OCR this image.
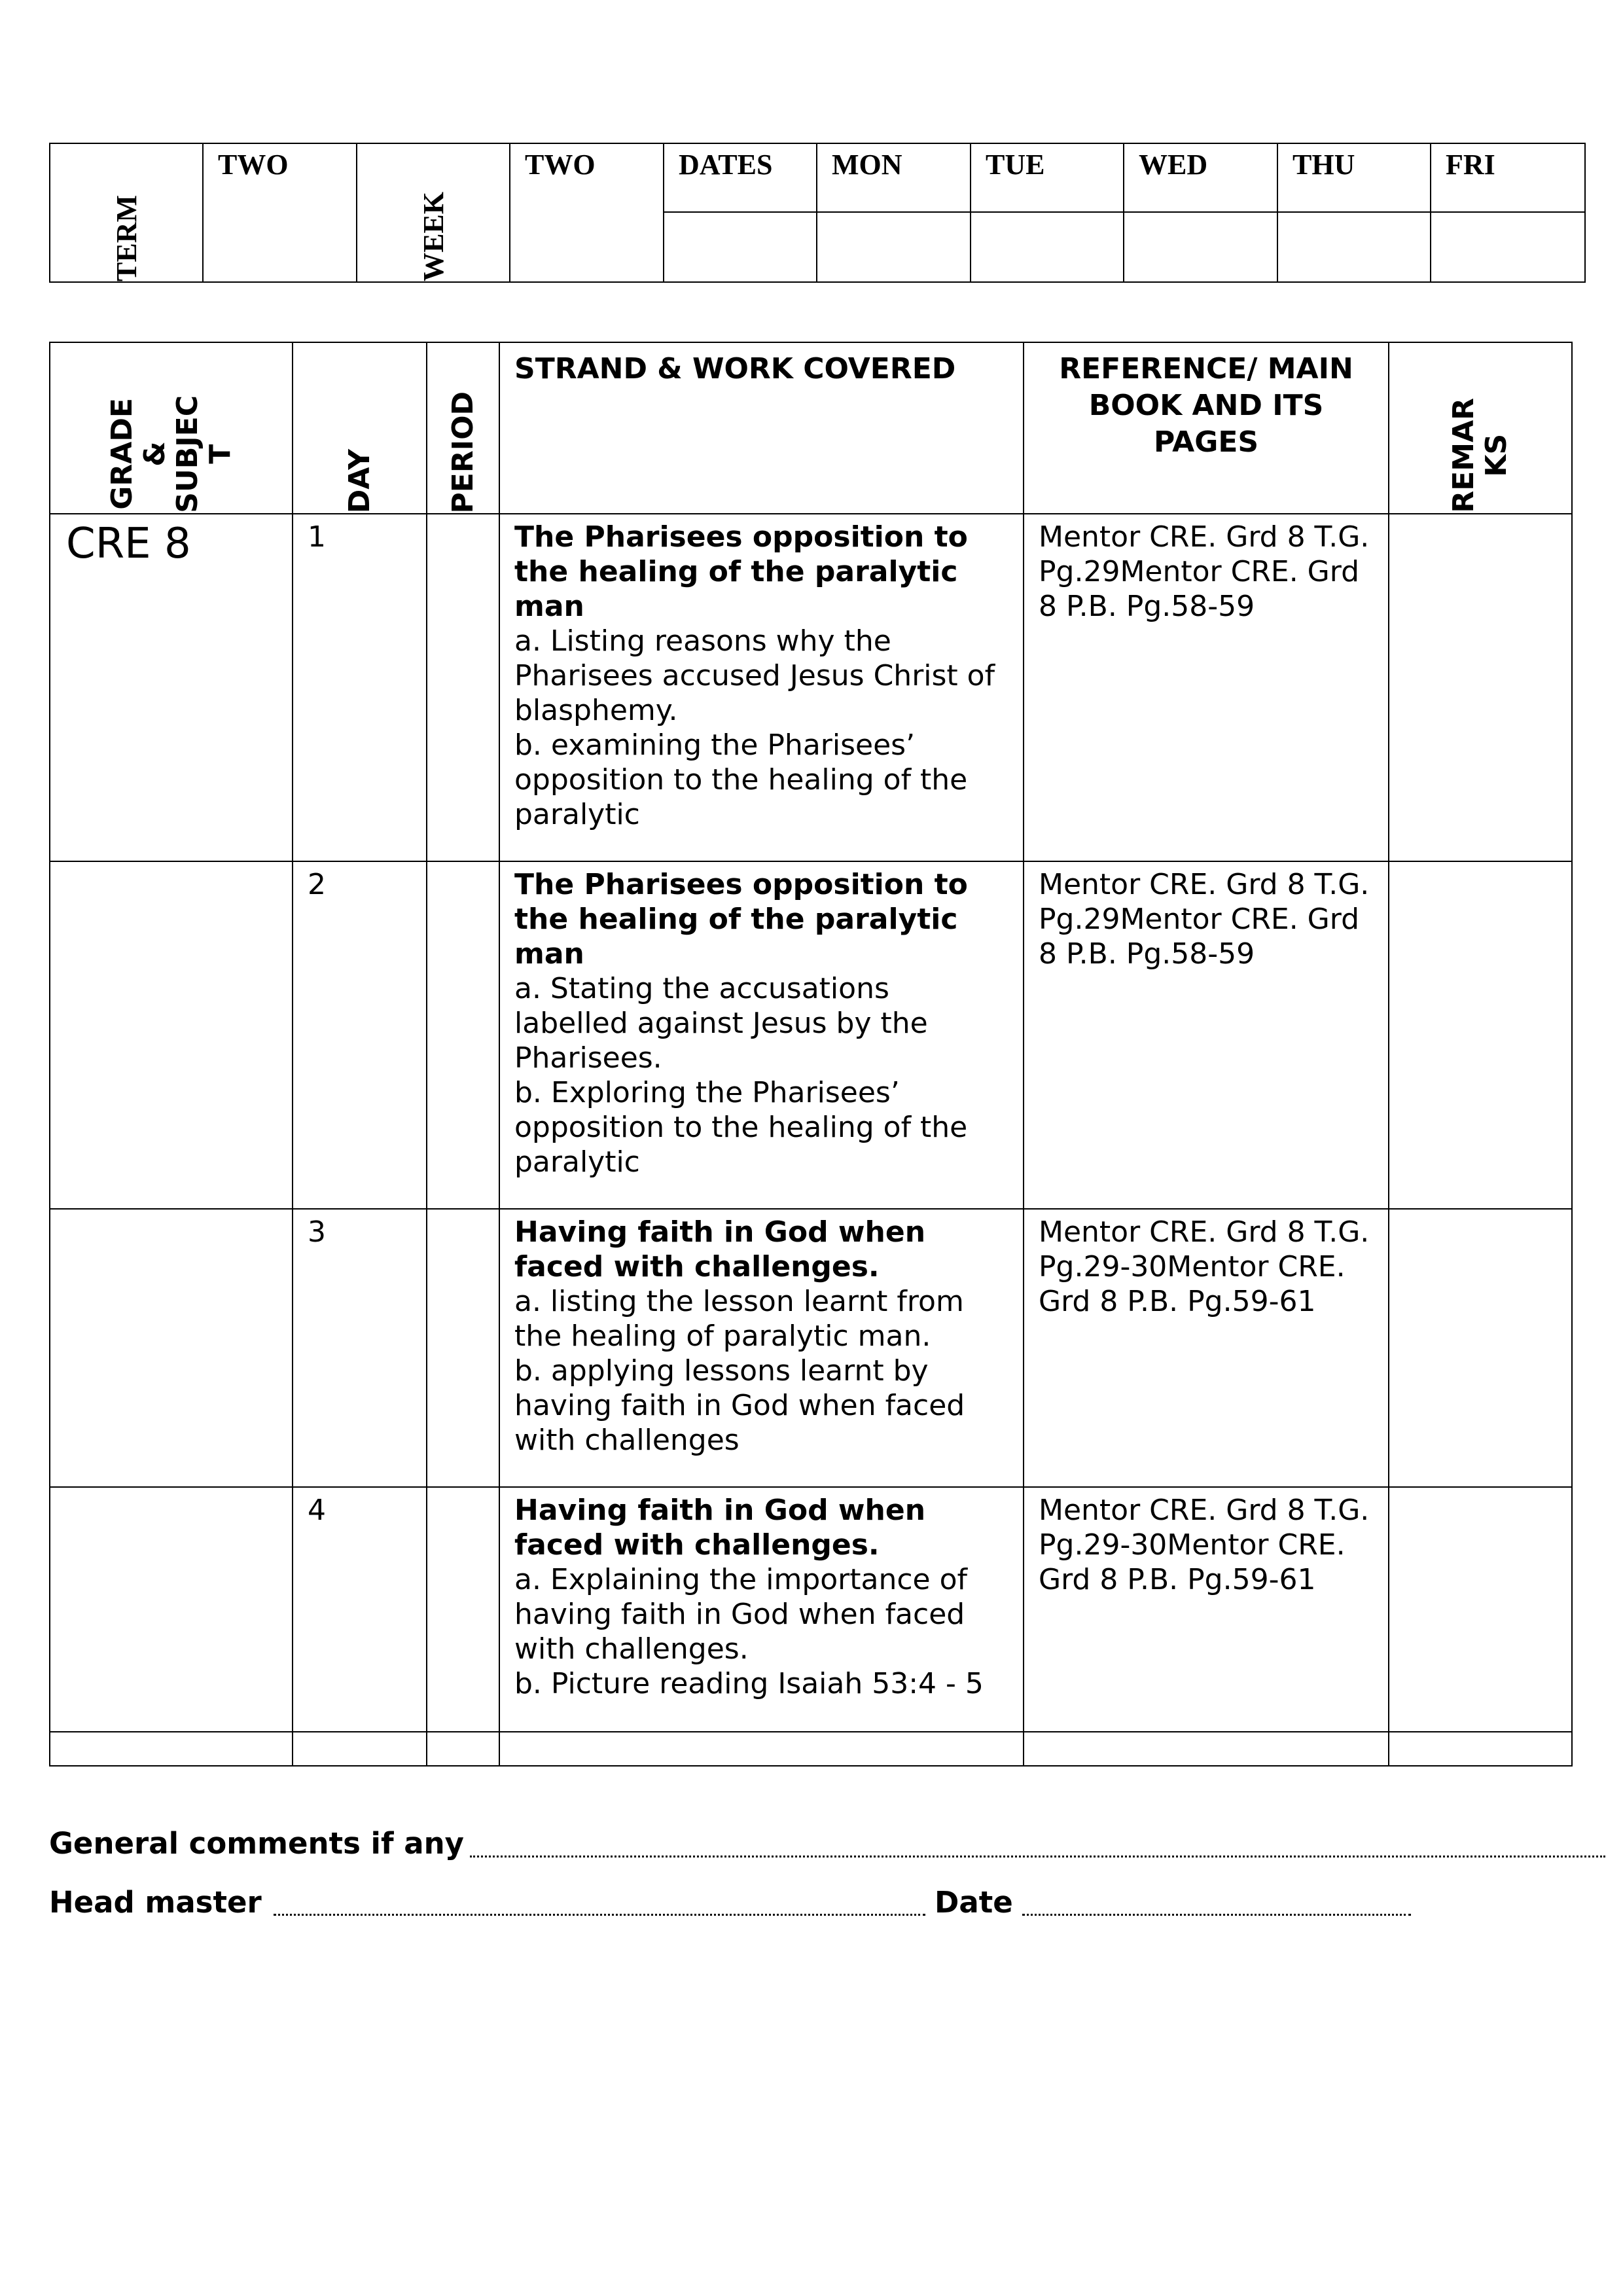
TERM	TWO	WEEK	TWO	DATES	MON	TUE	WED	THU	FRI

GRADE
&
SUBJEC
T	DAY	PERIOD	STRAND & WORK COVERED	REFERENCE/ MAIN BOOK AND ITS PAGES	REMAR
KS

CRE 8	1		The Pharisees opposition to the healing of the paralytic man
a. Listing reasons why the Pharisees accused Jesus Christ of blasphemy.
b. examining the Pharisees’ opposition to the healing of the paralytic	Mentor CRE. Grd 8 T.G. Pg.29Mentor CRE. Grd 8 P.B. Pg.58-59	
	2		The Pharisees opposition to the healing of the paralytic man
a. Stating the accusations labelled against Jesus by the Pharisees.
b. Exploring the Pharisees’ opposition to the healing of the paralytic	Mentor CRE. Grd 8 T.G. Pg.29Mentor CRE. Grd 8 P.B. Pg.58-59	
	3		Having faith in God when faced with challenges.
a. listing the lesson learnt from the healing of paralytic man.
b. applying lessons learnt by having faith in God when faced with challenges	Mentor CRE. Grd 8 T.G. Pg.29-30Mentor CRE. Grd 8 P.B. Pg.59-61	
	4		Having faith in God when faced with challenges.
a. Explaining the importance of having faith in God when faced with challenges.
b. Picture reading Isaiah 53:4 - 5	Mentor CRE. Grd 8 T.G. Pg.29-30Mentor CRE. Grd 8 P.B. Pg.59-61	

General comments if any
Head master	Date
